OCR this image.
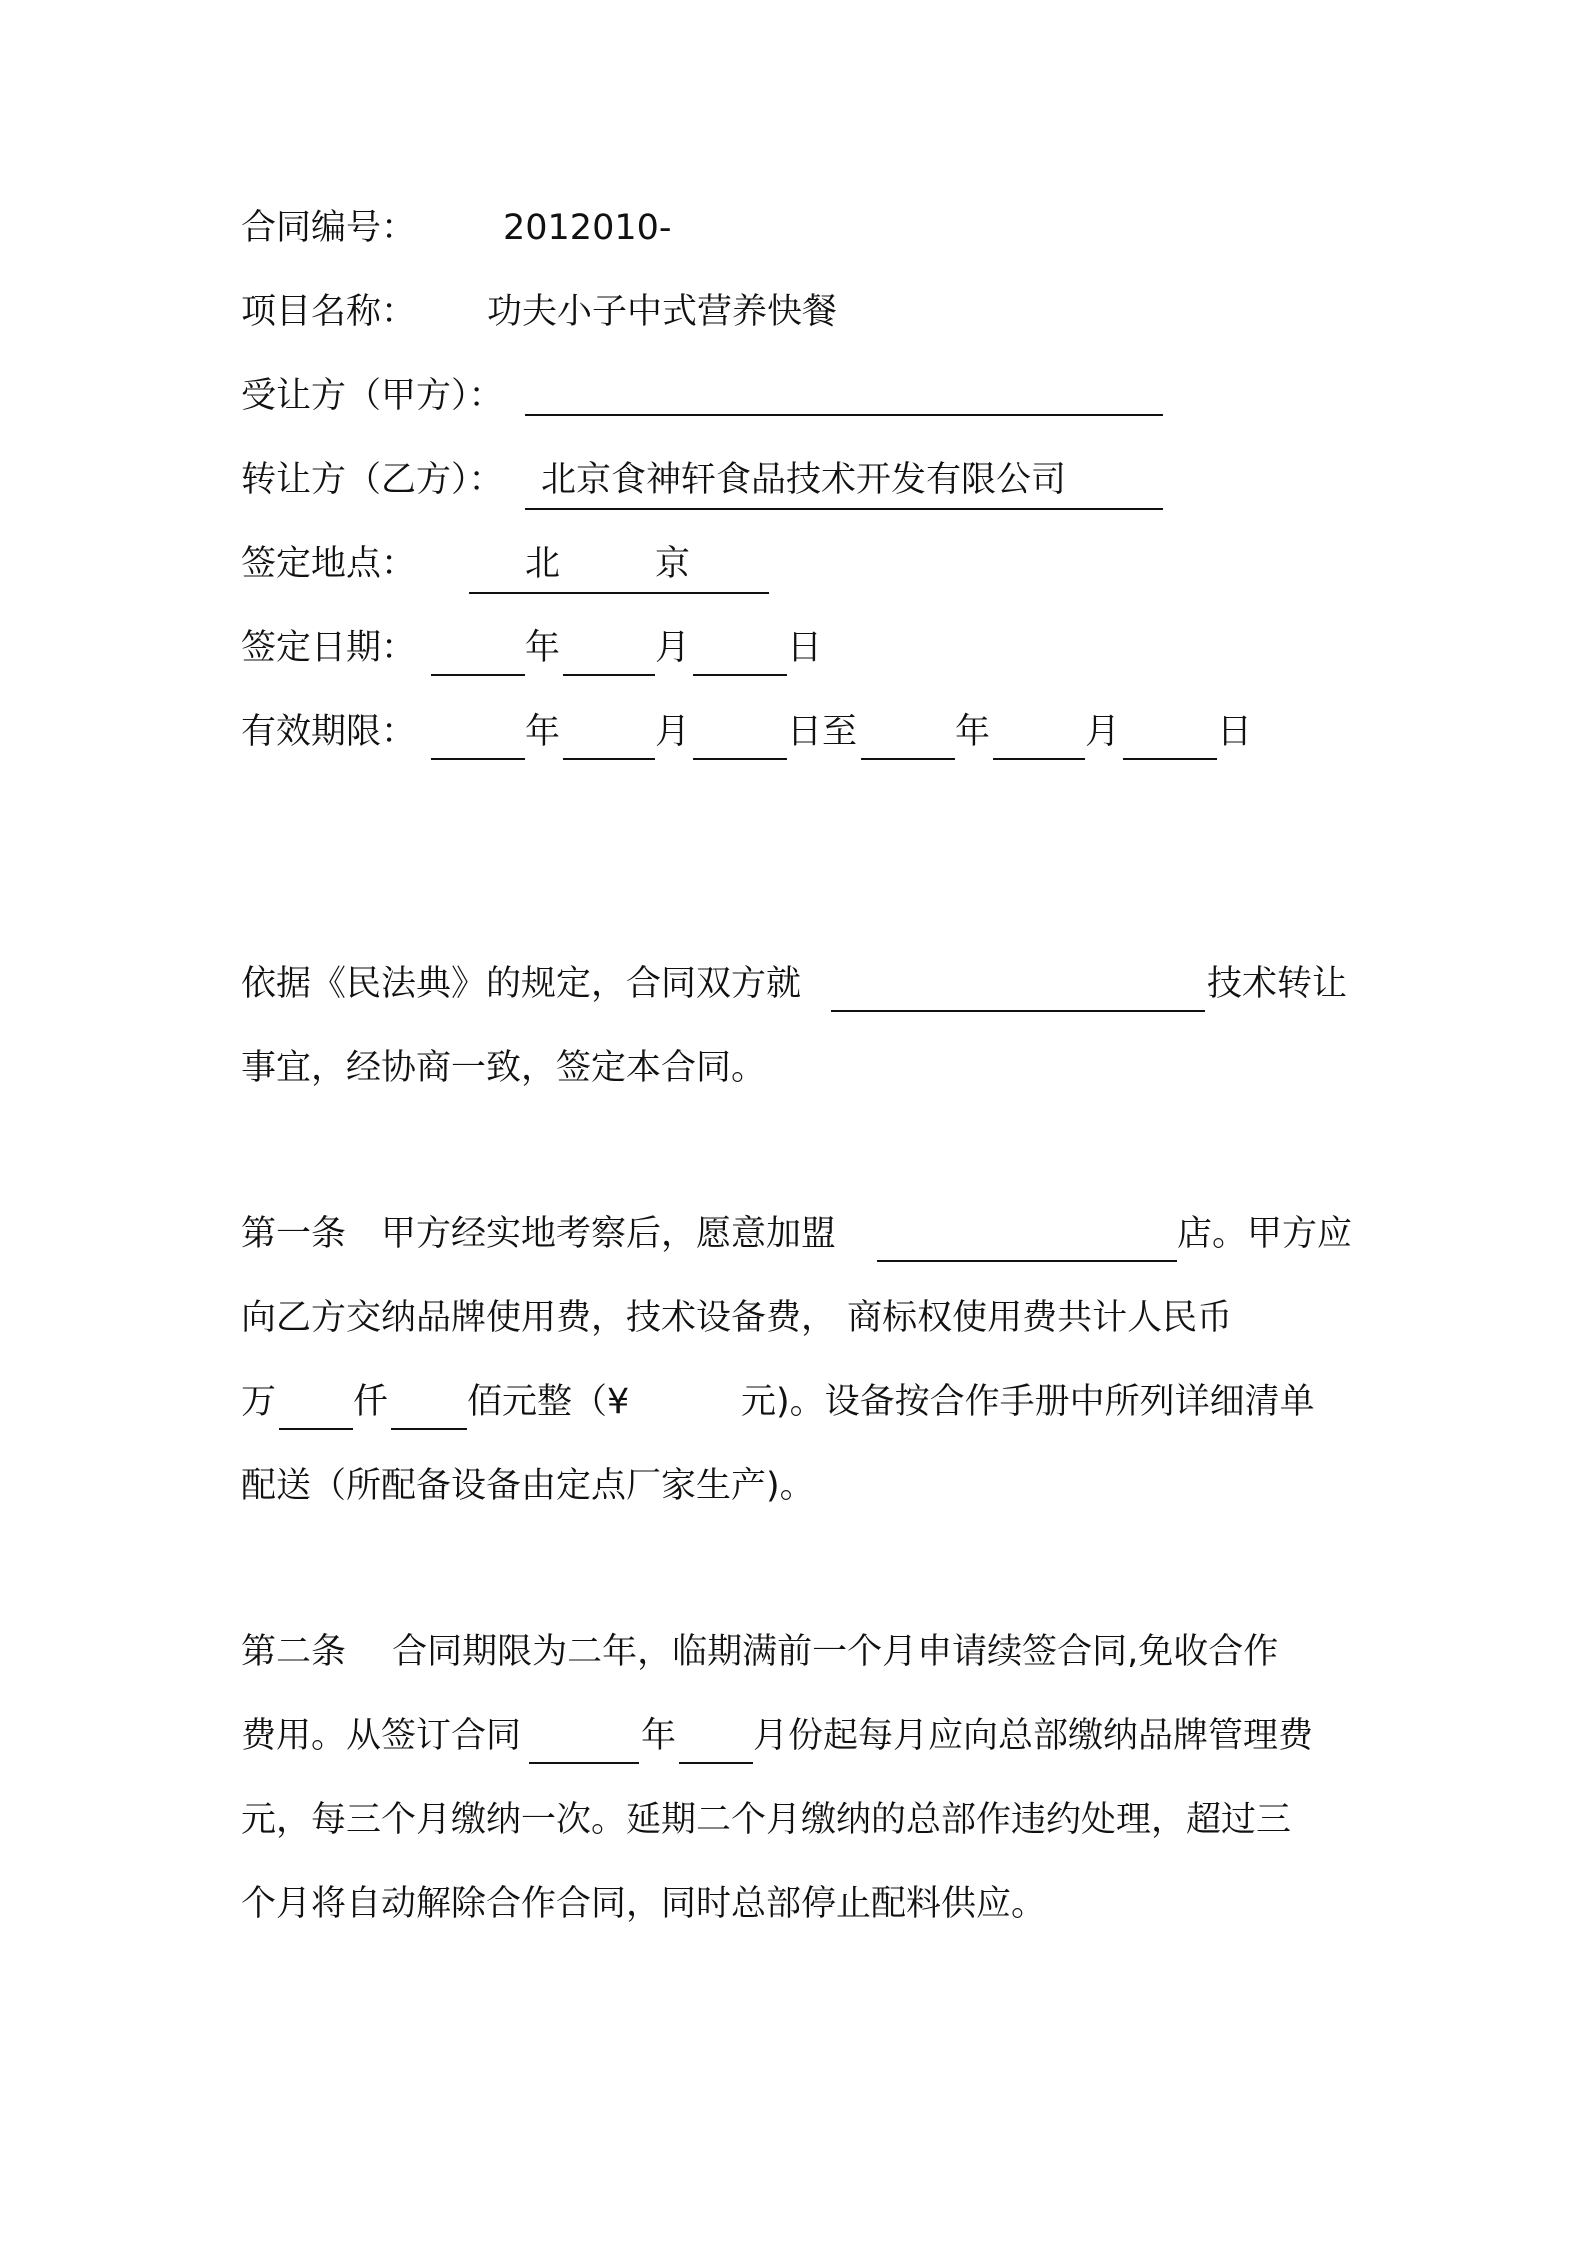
合同编号： 2012010-
项目名称： 功夫小子中式营养快餐
受让方（甲方）：
转让方（乙方）： 北京食神轩食品技术开发有限公司
签定地点：	北	京
签定日期：	年	月	日
有效期限：	年	月	日至	年	月	日
依据《民法典》的规定，合同双方就	技术转让
事宜，经协商一致，签定本合同。
第一条　甲方经实地考察后，愿意加盟	店。甲方应
向乙方交纳品牌使用费，技术设备费， 商标权使用费共计人民币
万 仟 佰元整（¥	元)。设备按合作手册中所列详细清单
配送（所配备设备由定点厂家生产)。
第二条　 合同期限为二年，临期满前一个月申请续签合同,免收合作
费用。从签订合同	年 月份起每月应向总部缴纳品牌管理费
元，每三个月缴纳一次。延期二个月缴纳的总部作违约处理，超过三
个月将自动解除合作合同，同时总部停止配料供应。
